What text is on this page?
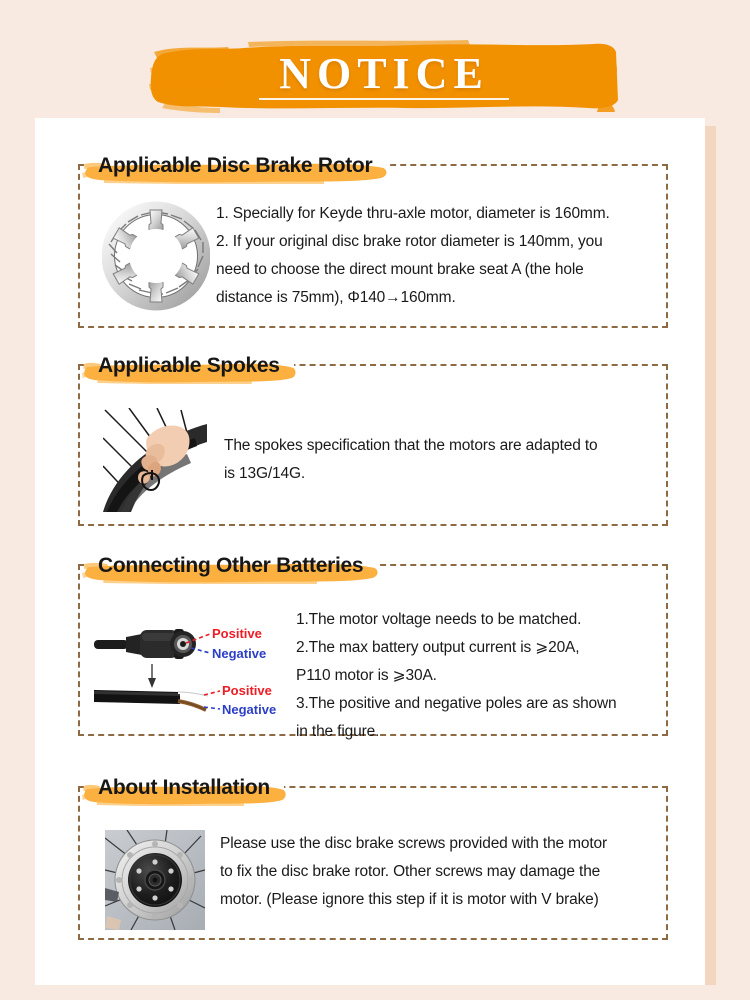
NOTICE
Applicable Disc Brake Rotor

1. Specially for Keyde thru-axle motor, diameter is 160mm.

2. If your original disc brake rotor diameter is 140mm, you

need to choose the direct mount brake seat A (the hole

distance is 75mm), Φ140→160mm.

Applicable Spokes

The spokes specification that the motors are adapted to

is 13G/14G.

Connecting Other Batteries
Positive
Negative
Positive
Negative

1.The motor voltage needs to be matched.

2.The max battery output current is ⩾20A,

P110 motor is ⩾30A.

3.The positive and negative poles are as shown

in the figure.

About Installation

Please use the disc brake screws provided with the motor

to fix the disc brake rotor. Other screws may damage the

motor. (Please ignore this step if it is motor with V brake)
